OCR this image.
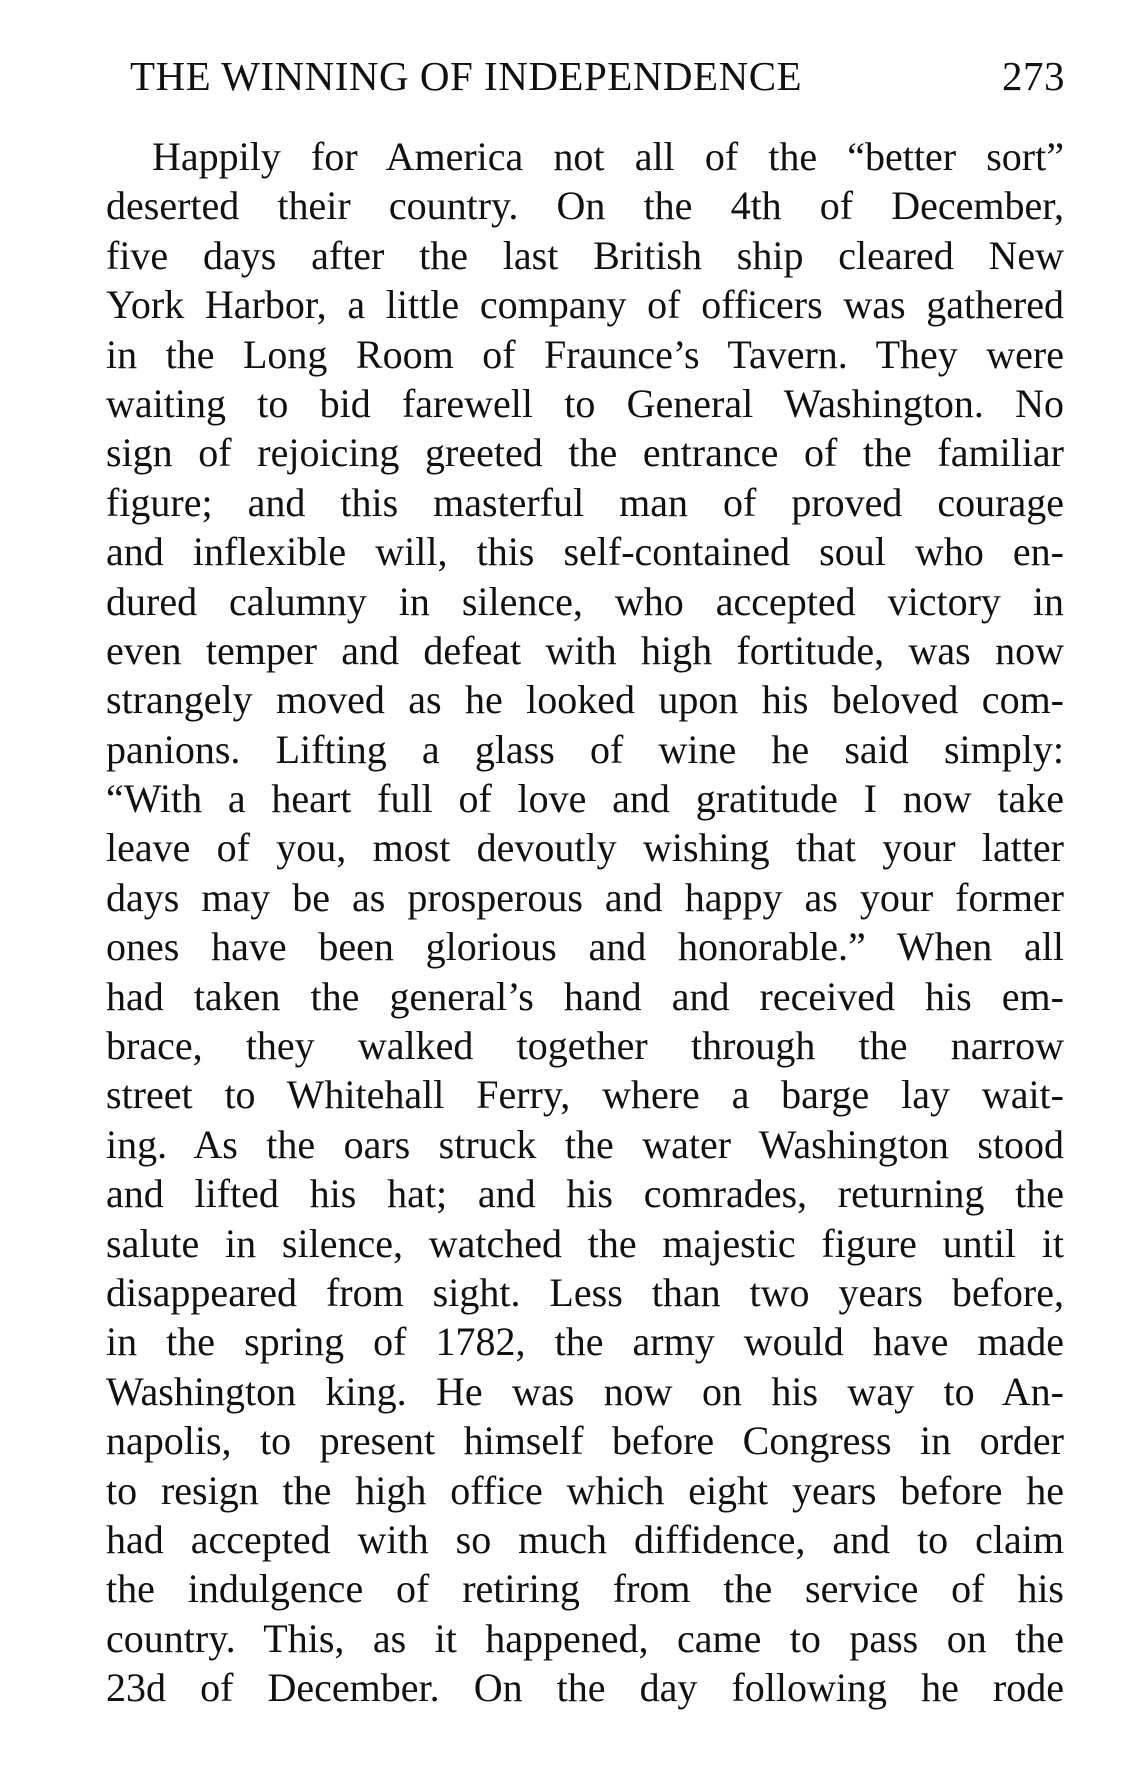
THE WINNING OF INDEPENDENCE	273
Happily for America not all of the “better sort”
deserted their country. On the 4th of December,
five days after the last British ship cleared New
York Harbor, a little company of officers was gathered
in the Long Room of Fraunce’s Tavern. They were
waiting to bid farewell to General Washington. No
sign of rejoicing greeted the entrance of the familiar
figure; and this masterful man of proved courage
and inflexible will, this self-contained soul who en-
dured calumny in silence, who accepted victory in
even temper and defeat with high fortitude, was now
strangely moved as he looked upon his beloved com-
panions. Lifting a glass of wine he said simply:
“With a heart full of love and gratitude I now take
leave of you, most devoutly wishing that your latter
days may be as prosperous and happy as your former
ones have been glorious and honorable.” When all
had taken the general’s hand and received his em-
brace, they walked together through the narrow
street to Whitehall Ferry, where a barge lay wait-
ing. As the oars struck the water Washington stood
and lifted his hat; and his comrades, returning the
salute in silence, watched the majestic figure until it
disappeared from sight. Less than two years before,
in the spring of 1782, the army would have made
Washington king. He was now on his way to An-
napolis, to present himself before Congress in order
to resign the high office which eight years before he
had accepted with so much diffidence, and to claim
the indulgence of retiring from the service of his
country. This, as it happened, came to pass on the
23d of December. On the day following he rode
